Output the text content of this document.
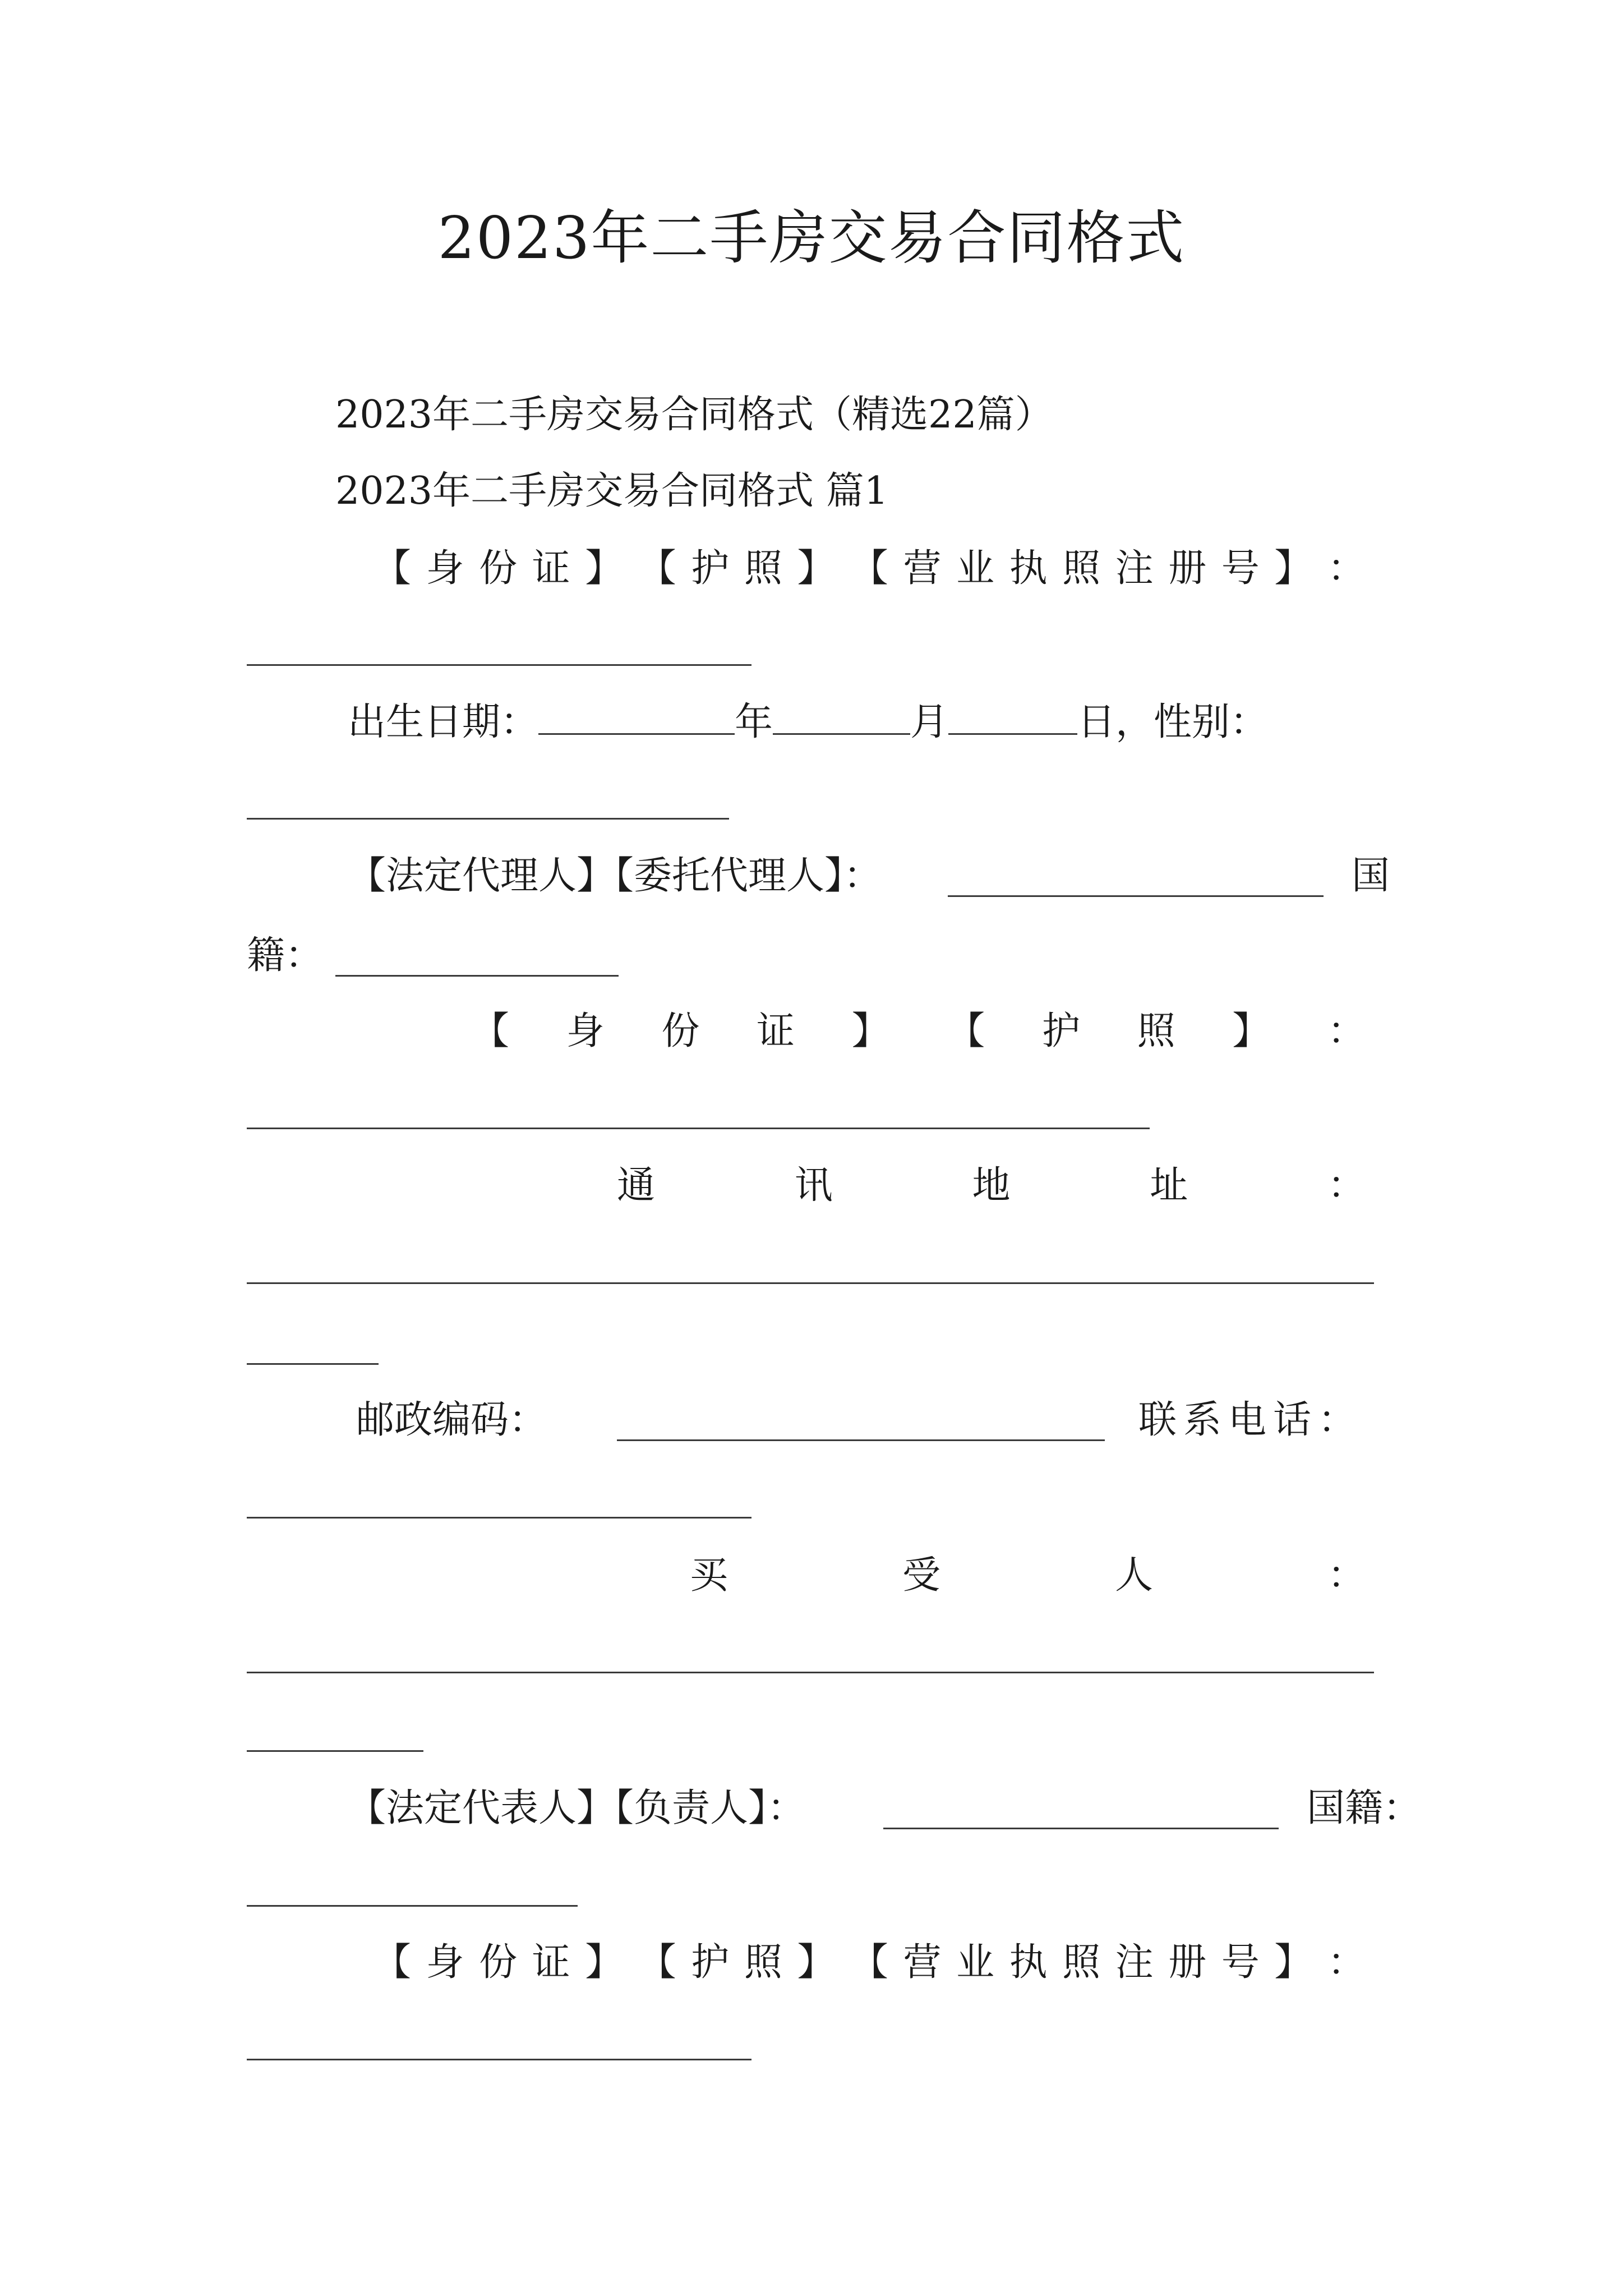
2023年二手房交易合同格式
2023年二手房交易合同格式（精选22篇）
2023年二手房交易合同格式 篇1
【 身 份 证 】 【 护 照 】 【 营 业 执 照 注 册 号 】 ：
出生日期：	年	月	日，性别：
【法定代理人】【委托代理人】：	国
籍：
【 身 份 证 】 【 护 照 】 ：
通	讯	地	址	：
邮政编码：	联系电话：
买	受	人	：
【法定代表人】【负责人】：	国籍：
【 身 份 证 】 【 护 照 】 【 营 业 执 照 注 册 号 】 ：
